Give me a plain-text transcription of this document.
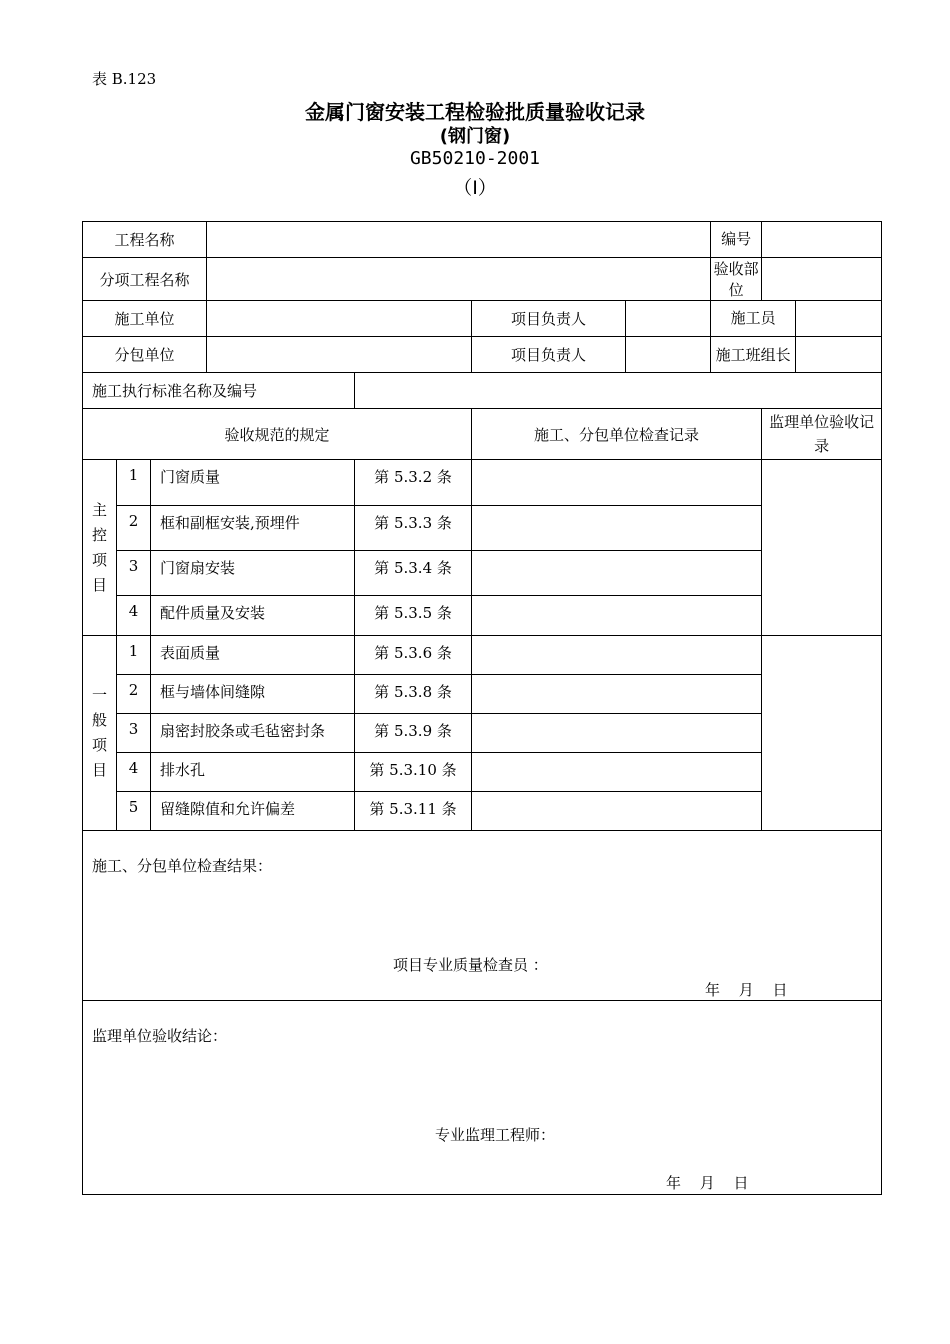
表 B.123
金属门窗安装工程检验批质量验收记录
(钢门窗)
GB50210-2001
（Ⅰ）
工程名称							编号		
分项工程名称							验收部位		
施工单位					项目负责人		施工员		
分包单位					项目负责人		施工班组长		
施工执行标准名称及编号									
验收规范的规定					施工、分包单位检查记录			监理单位验收记录	
主控项目	1	门窗质量		第 5.3.2 条					
	2	框和副框安装,预埋件		第 5.3.3 条					
	3	门窗扇安装		第 5.3.4 条					
	4	配件质量及安装		第 5.3.5 条					
一般项目	1	表面质量		第 5.3.6 条					
	2	框与墙体间缝隙		第 5.3.8 条					
	3	扇密封胶条或毛毡密封条		第 5.3.9 条					
	4	排水孔		第 5.3.10 条					
	5	留缝隙值和允许偏差		第 5.3.11 条					

施工、分包单位检查结果：
项目专业质量检查员 ：
年 月 日									

监理单位验收结论：
专业监理工程师：
年 月 日									
